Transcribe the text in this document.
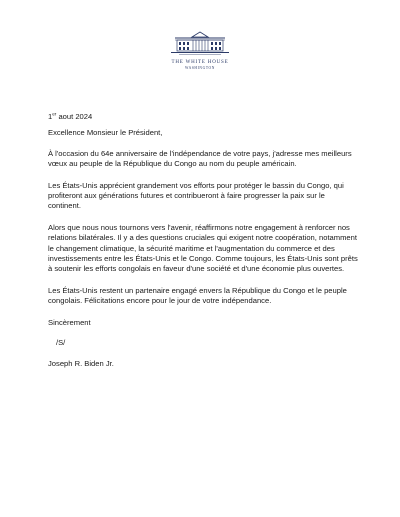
THE WHITE HOUSE
WASHINGTON

1er aout 2024

Excellence Monsieur le Président,

À l'occasion du 64e anniversaire de l'indépendance de votre pays, j'adresse mes meilleurs vœux au peuple de la République du Congo au nom du peuple américain.

Les États-Unis apprécient grandement vos efforts pour protéger le bassin du Congo, qui profiteront aux générations futures et contribueront à faire progresser la paix sur le continent.

Alors que nous nous tournons vers l'avenir, réaffirmons notre engagement à renforcer nos relations bilatérales. Il y a des questions cruciales qui exigent notre coopération, notamment le changement climatique, la sécurité maritime et l'augmentation du commerce et des investissements entre les États-Unis et le Congo. Comme toujours, les États-Unis sont prêts à soutenir les efforts congolais en faveur d'une société et d'une économie plus ouvertes.

Les États-Unis restent un partenaire engagé envers la République du Congo et le peuple congolais. Félicitations encore pour le jour de votre indépendance.

Sincèrement

/S/

Joseph R. Biden Jr.
